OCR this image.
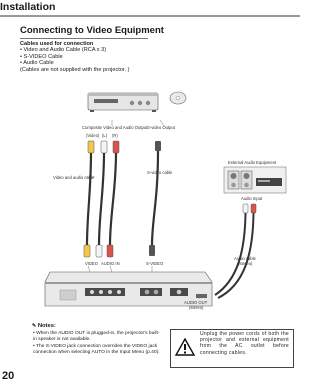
Installation
Connecting to Video Equipment
Cables used for connection
• Video and Audio Cable (RCA x 3)
• S-VIDEO Cable
• Audio Cable
(Cables are not supplied with the projector. )
Composite Video and Audio Output S-video Output
(Video) (L) (R)
Video and audio cable
S-video cable
External Audio Equipment
Audio Input
Audio cable (stereo)
VIDEO AUDIO IN	S-VIDEO
AUDIO OUT (stereo)
✎ Notes:
• When the AUDIO OUT is plugged-in, the projector's built-in speaker is not available.
• The S-VIDEO jack connection overrides the VIDEO jack connection when selecting AUTO in the Input Menu (p.40).
Unplug the power cords of both the projector and external equipment from the AC outlet before connecting cables.
20
